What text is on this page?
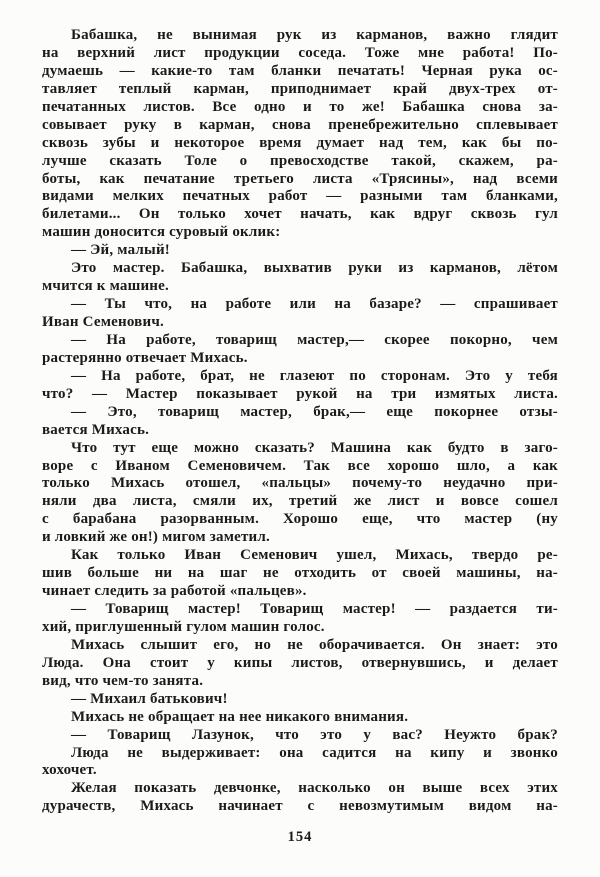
Бабашка, не вынимая рук из карманов, важно глядит
на верхний лист продукции соседа. Тоже мне работа! По-
думаешь — какие-то там бланки печатать! Черная рука ос-
тавляет теплый карман, приподнимает край двух-трех от-
печатанных листов. Все одно и то же! Бабашка снова за-
совывает руку в карман, снова пренебрежительно сплевывает
сквозь зубы и некоторое время думает над тем, как бы по-
лучше сказать Толе о превосходстве такой, скажем, ра-
боты, как печатание третьего листа «Трясины», над всеми
видами мелких печатных работ — разными там бланками,
билетами... Он только хочет начать, как вдруг сквозь гул
машин доносится суровый оклик:
— Эй, малый!
Это мастер. Бабашка, выхватив руки из карманов, лётом
мчится к машине.
— Ты что, на работе или на базаре? — спрашивает
Иван Семенович.
— На работе, товарищ мастер,— скорее покорно, чем
растерянно отвечает Михась.
— На работе, брат, не глазеют по сторонам. Это у тебя
что? — Мастер показывает рукой на три измятых листа.
— Это, товарищ мастер, брак,— еще покорнее отзы-
вается Михась.
Что тут еще можно сказать? Машина как будто в заго-
воре с Иваном Семеновичем. Так все хорошо шло, а как
только Михась отошел, «пальцы» почему-то неудачно при-
няли два листа, смяли их, третий же лист и вовсе сошел
с барабана разорванным. Хорошо еще, что мастер (ну
и ловкий же он!) мигом заметил.
Как только Иван Семенович ушел, Михась, твердо ре-
шив больше ни на шаг не отходить от своей машины, на-
чинает следить за работой «пальцев».
— Товарищ мастер! Товарищ мастер! — раздается ти-
хий, приглушенный гулом машин голос.
Михась слышит его, но не оборачивается. Он знает: это
Люда. Она стоит у кипы листов, отвернувшись, и делает
вид, что чем-то занята.
— Михаил батькович!
Михась не обращает на нее никакого внимания.
— Товарищ Лазунок, что это у вас? Неужто брак?
Люда не выдерживает: она садится на кипу и звонко
хохочет.
Желая показать девчонке, насколько он выше всех этих
дурачеств, Михась начинает с невозмутимым видом на-
154
